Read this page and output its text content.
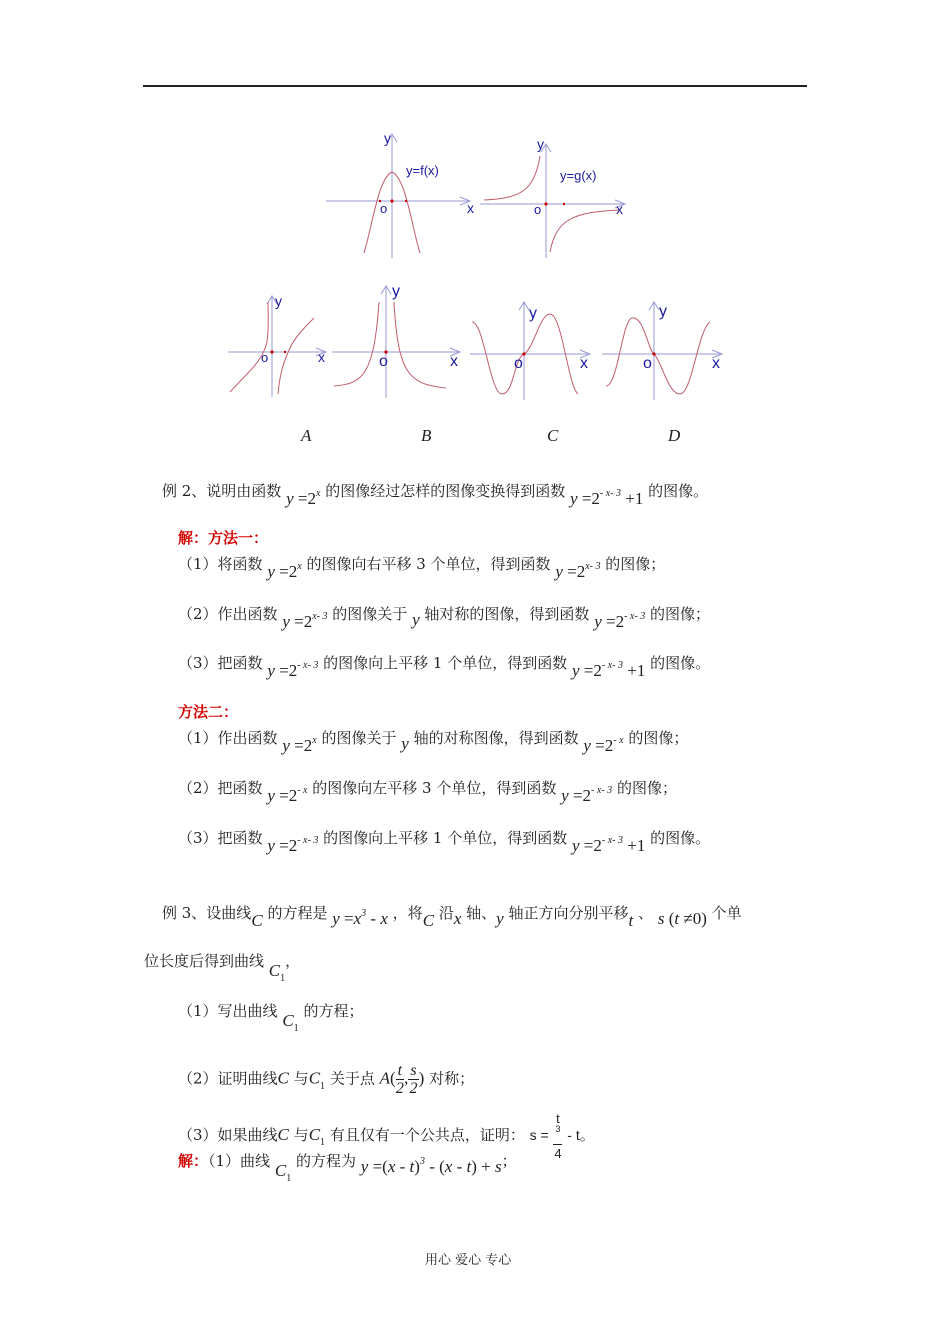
y
y=f(x)
o	x
y
y=g(x)
o	x
y
o	x
y
o	x
y
o	x
y
o	x
A	B	C	D
例 2、说明由函数 $y =2^x$ 的图像经过怎样的图像变换得到函数 $y =2^{- x- 3} +1$ 的图像。
解：方法一：
（1）将函数 $y =2^x$ 的图像向右平移 3 个单位，得到函数 $y =2^{x- 3}$ 的图像；
（2）作出函数 $y =2^{x- 3}$ 的图像关于 y 轴对称的图像，得到函数 $y =2^{- x- 3}$ 的图像；
（3）把函数 $y =2^{- x- 3}$ 的图像向上平移 1 个单位，得到函数 $y =2^{- x- 3} +1$ 的图像。
方法二：
（1）作出函数 $y =2^x$ 的图像关于 y 轴的对称图像，得到函数 $y =2^{- x}$ 的图像；
（2）把函数 $y =2^{- x}$ 的图像向左平移 3 个单位，得到函数 $y =2^{- x- 3}$ 的图像；
（3）把函数 $y =2^{- x- 3}$ 的图像向上平移 1 个单位，得到函数 $y =2^{- x- 3} +1$ 的图像。
例 3、设曲线C 的方程是 $y =x^3 - x$ ，将C 沿x 轴、y 轴正方向分别平移t 、 s (t ≠0) 个单
位长度后得到曲线 $C_1$，
（1）写出曲线 $C_1$ 的方程；
（2）证明曲线C 与$C_1$ 关于点 $A( \frac{t}{2}$ , $\frac{s}{2}$ ) 对称；
（3）如果曲线C 与$C_1$ 有且仅有一个公共点，证明： s = t
3
4 - t。
解：（1）曲线 $C_1$ 的方程为 y =(x - t)$^3$ - (x - t) + s；
用心 爱心 专心
